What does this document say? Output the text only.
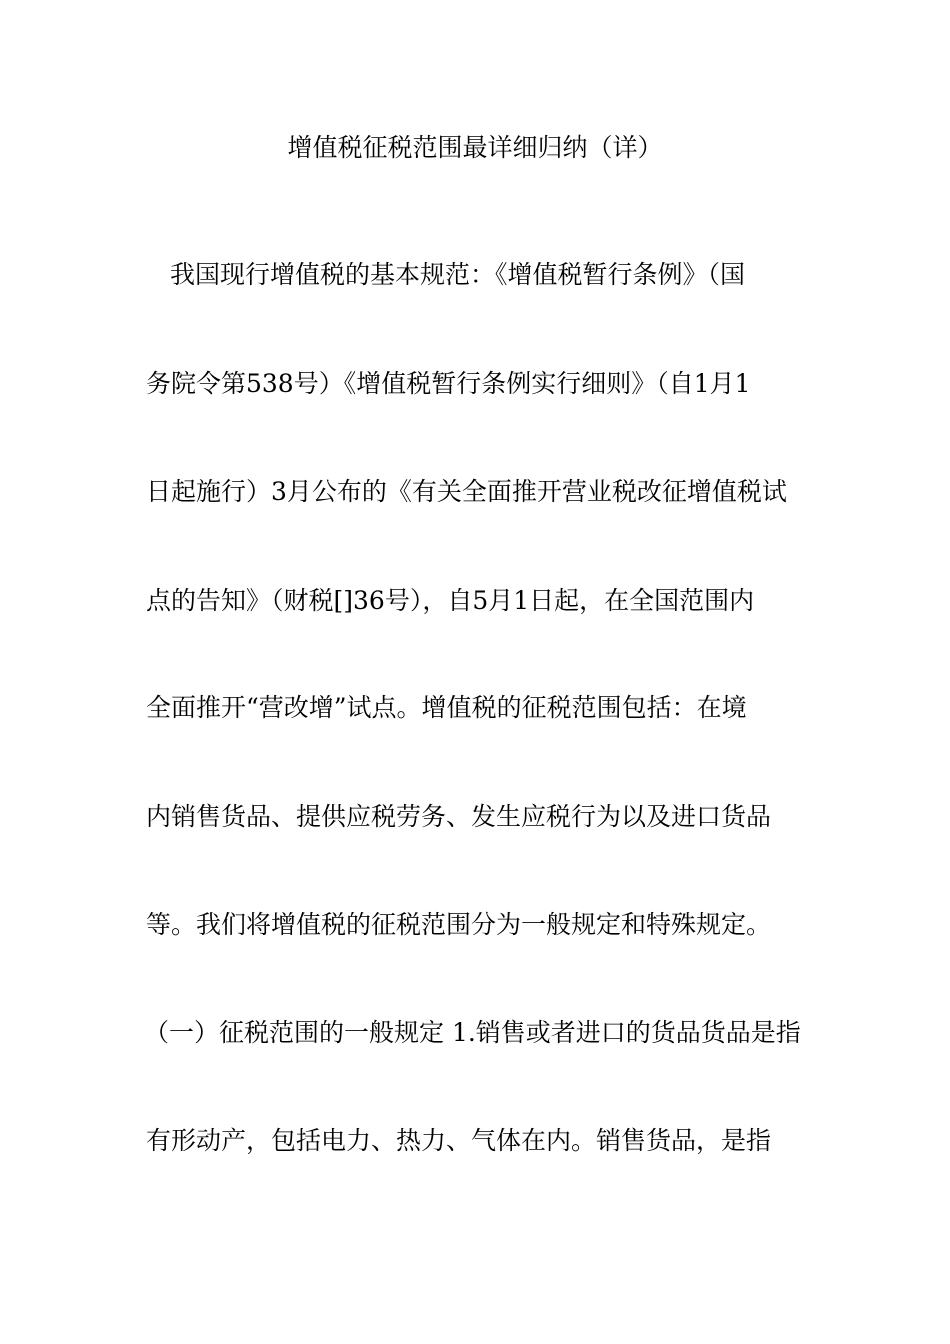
增值税征税范围最详细归纳（详）
我国现行增值税的基本规范：《增值税暂行条例》（国
务院令第538号）《增值税暂行条例实行细则》（自1月1
日起施行）3月公布的《有关全面推开营业税改征增值税试
点的告知》（财税[]36号），自5月1日起，在全国范围内
全面推开“营改增”试点。增值税的征税范围包括：在境
内销售货品、提供应税劳务、发生应税行为以及进口货品
等。我们将增值税的征税范围分为一般规定和特殊规定。
（一）征税范围的一般规定 1.销售或者进口的货品货品是指
有形动产，包括电力、热力、气体在内。销售货品，是指
